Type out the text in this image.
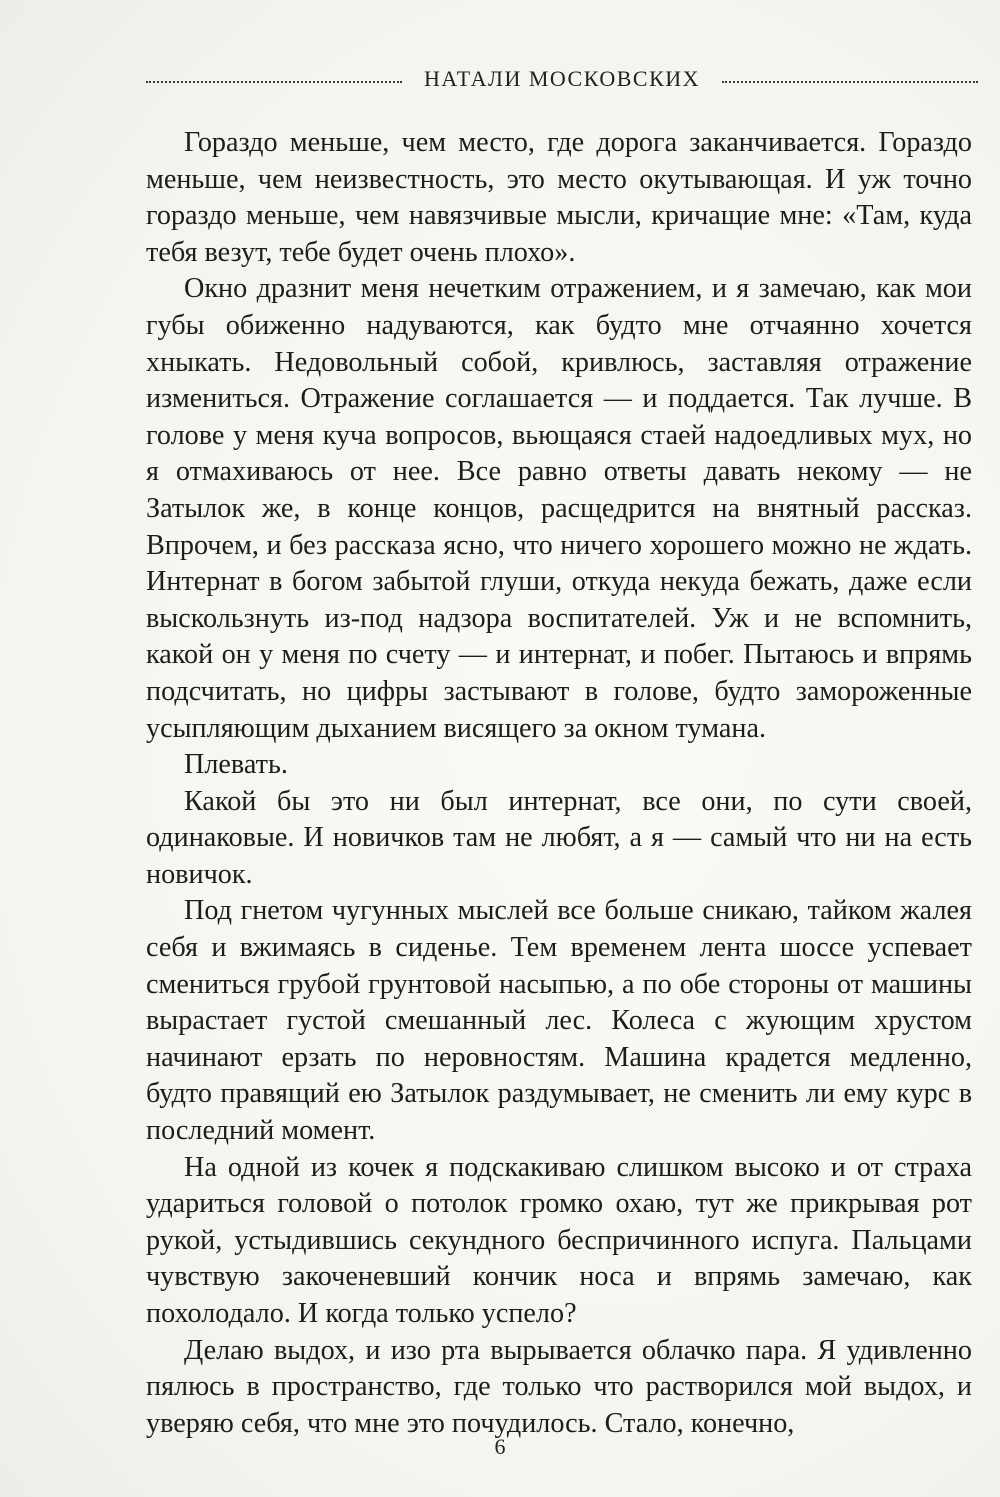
НАТАЛИ МОСКОВСКИХ

Гораздо меньше, чем место, где дорога заканчивается. Гораздо меньше, чем неизвестность, это место окутывающая. И уж точно гораздо меньше, чем навязчивые мысли, кричащие мне: «Там, куда тебя везут, тебе будет очень плохо».

Окно дразнит меня нечетким отражением, и я замечаю, как мои губы обиженно надуваются, как будто мне отчаянно хочется хныкать. Недовольный собой, кривлюсь, заставляя отражение измениться. Отражение соглашается — и поддается. Так лучше. В голове у меня куча вопросов, вьющаяся стаей надоедливых мух, но я отмахиваюсь от нее. Все равно ответы давать некому — не Затылок же, в конце концов, расщедрится на внятный рассказ. Впрочем, и без рассказа ясно, что ничего хорошего можно не ждать. Интернат в богом забытой глуши, откуда некуда бежать, даже если выскользнуть из-под надзора воспитателей. Уж и не вспомнить, какой он у меня по счету — и интернат, и побег. Пытаюсь и впрямь подсчитать, но цифры застывают в голове, будто замороженные усыпляющим дыханием висящего за окном тумана.

Плевать.

Какой бы это ни был интернат, все они, по сути своей, одинаковые. И новичков там не любят, а я — самый что ни на есть новичок.

Под гнетом чугунных мыслей все больше сникаю, тайком жалея себя и вжимаясь в сиденье. Тем временем лента шоссе успевает смениться грубой грунтовой насыпью, а по обе стороны от машины вырастает густой смешанный лес. Колеса с жующим хрустом начинают ерзать по неровностям. Машина крадется медленно, будто правящий ею Затылок раздумывает, не сменить ли ему курс в последний момент.

На одной из кочек я подскакиваю слишком высоко и от страха удариться головой о потолок громко охаю, тут же прикрывая рот рукой, устыдившись секундного беспричинного испуга. Пальцами чувствую закоченевший кончик носа и впрямь замечаю, как похолодало. И когда только успело?

Делаю выдох, и изо рта вырывается облачко пара. Я удивленно пялюсь в пространство, где только что растворился мой выдох, и уверяю себя, что мне это почудилось. Стало, конечно,

6
